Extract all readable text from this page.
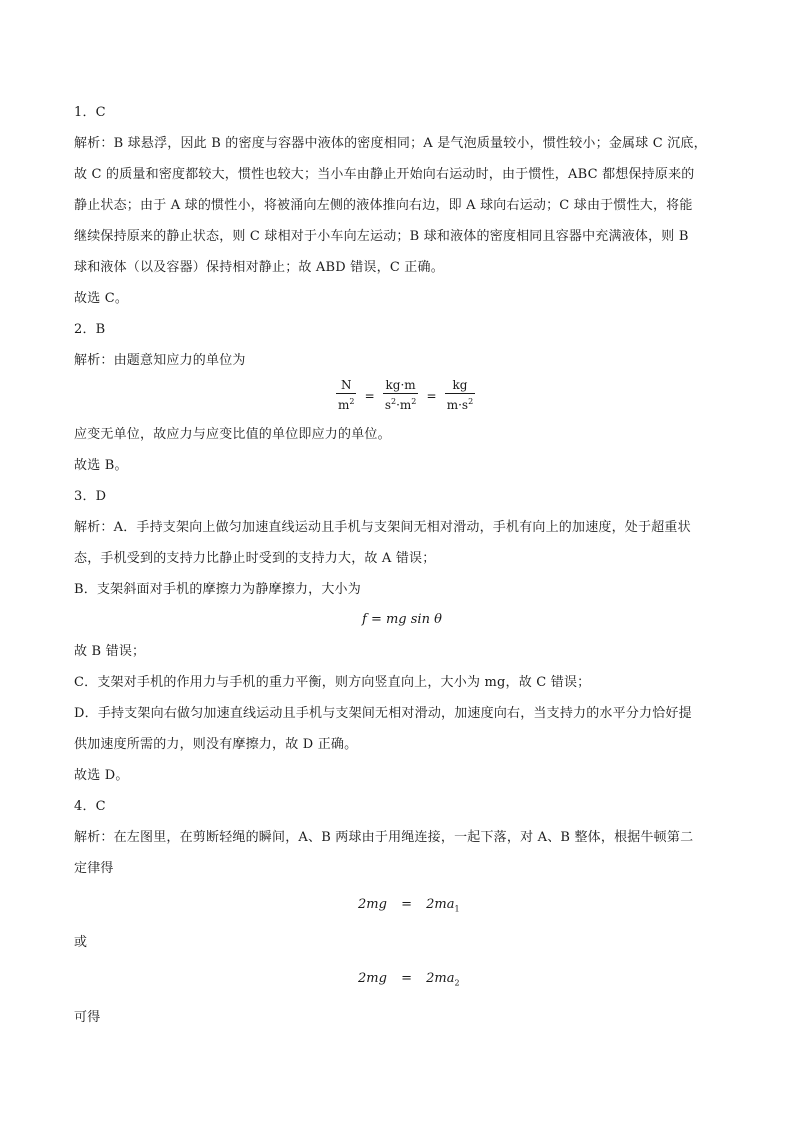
1．C
解析：B 球悬浮，因此 B 的密度与容器中液体的密度相同；A 是气泡质量较小，惯性较小；金属球 C 沉底，
故 C 的质量和密度都较大，惯性也较大；当小车由静止开始向右运动时，由于惯性，ABC 都想保持原来的
静止状态；由于 A 球的惯性小，将被涌向左侧的液体推向右边，即 A 球向右运动；C 球由于惯性大，将能
继续保持原来的静止状态，则 C 球相对于小车向左运动；B 球和液体的密度相同且容器中充满液体，则 B
球和液体（以及容器）保持相对静止；故 ABD 错误，C 正确。
故选 C。
2．B
解析：由题意知应力的单位为
$\frac{N}{m^2} = \frac{kg\cdot m}{s^2\cdot m^2} = \frac{kg}{m\cdot s^2}$
应变无单位，故应力与应变比值的单位即应力的单位。
故选 B。
3．D
解析：A．手持支架向上做匀加速直线运动且手机与支架间无相对滑动，手机有向上的加速度，处于超重状
态，手机受到的支持力比静止时受到的支持力大，故 A 错误；
B．支架斜面对手机的摩擦力为静摩擦力，大小为
f = mg sin θ
故 B 错误；
C．支架对手机的作用力与手机的重力平衡，则方向竖直向上，大小为 mg，故 C 错误；
D．手持支架向右做匀加速直线运动且手机与支架间无相对滑动，加速度向右，当支持力的水平分力恰好提
供加速度所需的力，则没有摩擦力，故 D 正确。
故选 D。
4．C
解析：在左图里，在剪断轻绳的瞬间，A、B 两球由于用绳连接，一起下落，对 A、B 整体，根据牛顿第二
定律得
$2mg = 2ma_1$
或
$2mg = 2ma_2$
可得
